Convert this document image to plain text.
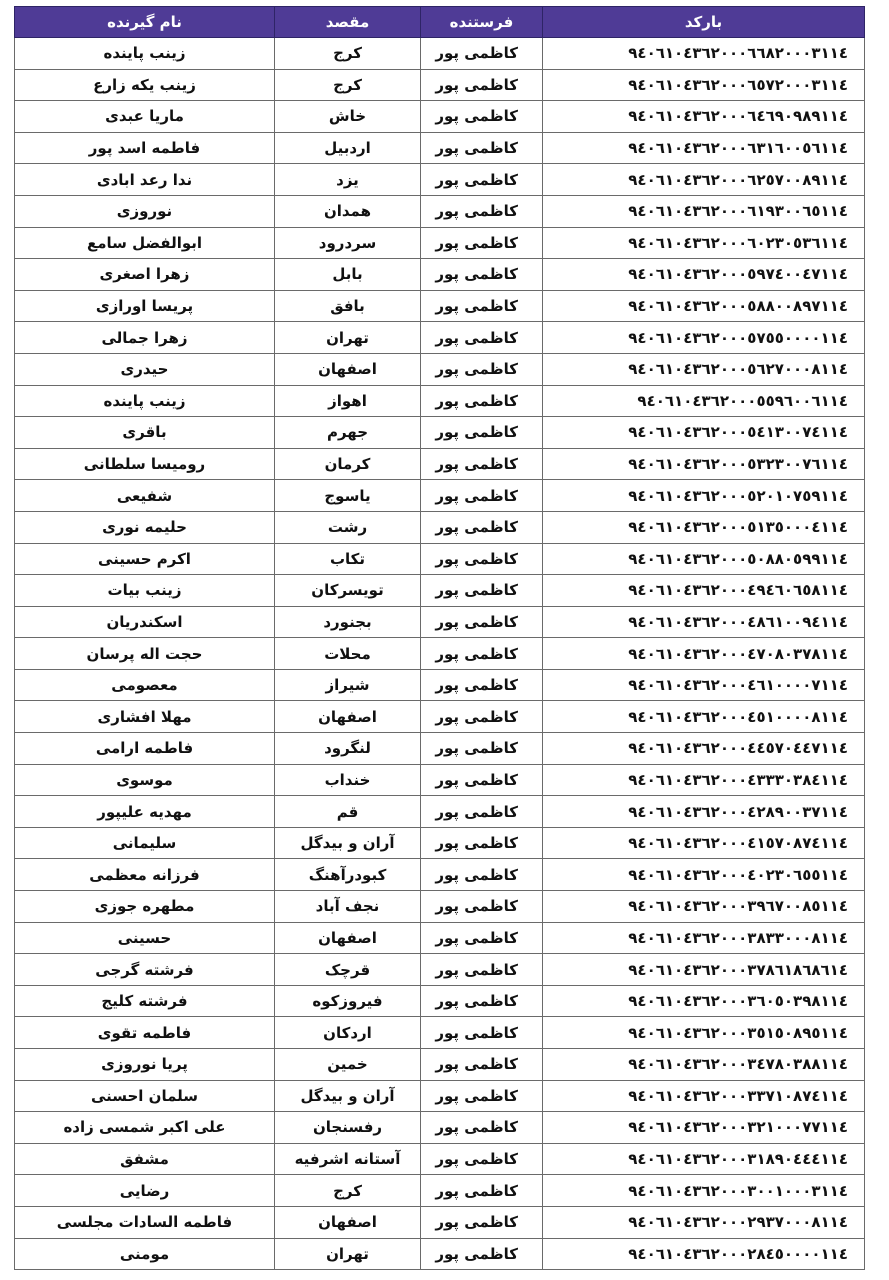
بارکد	فرستنده	مقصد	نام گیرنده
۹٤۰٦۱۰٤۳٦۲۰۰۰٦٦۸۲۰۰۰۳۱۱٤	کاظمی پور	کرج	زینب پاینده
۹٤۰٦۱۰٤۳٦۲۰۰۰٦٥۷۲۰۰۰۳۱۱٤	کاظمی پور	کرج	زینب یکه زارع
۹٤۰٦۱۰٤۳٦۲۰۰۰٦٤٦۹۰۹۸۹۱۱٤	کاظمی پور	خاش	ماریا عبدی
۹٤۰٦۱۰٤۳٦۲۰۰۰٦۳۱٦۰۰٥٦۱۱٤	کاظمی پور	اردبیل	فاطمه اسد پور
۹٤۰٦۱۰٤۳٦۲۰۰۰٦۲٥۷۰۰۸۹۱۱٤	کاظمی پور	یزد	ندا رعد ابادی
۹٤۰٦۱۰٤۳٦۲۰۰۰٦۱۹۳۰۰٦٥۱۱٤	کاظمی پور	همدان	نوروزی
۹٤۰٦۱۰٤۳٦۲۰۰۰٦۰۲۳۰٥۳٦۱۱٤	کاظمی پور	سردرود	ابوالفضل سامع
۹٤۰٦۱۰٤۳٦۲۰۰۰٥۹۷٤۰۰٤۷۱۱٤	کاظمی پور	بابل	زهرا اصغری
۹٤۰٦۱۰٤۳٦۲۰۰۰٥۸۸۰۰۸۹۷۱۱٤	کاظمی پور	بافق	پریسا اورازی
۹٤۰٦۱۰٤۳٦۲۰۰۰٥۷٥٥۰۰۰۰۱۱٤	کاظمی پور	تهران	زهرا جمالی
۹٤۰٦۱۰٤۳٦۲۰۰۰٥٦۲۷۰۰۰۸۱۱٤	کاظمی پور	اصفهان	حیدری
۹٤۰٦۱۰٤۳٦۲۰۰۰٥٥۹٦۰۰٦۱۱٤	کاظمی پور	اهواز	زینب پاینده
۹٤۰٦۱۰٤۳٦۲۰۰۰٥٤۱۳۰۰۷٤۱۱٤	کاظمی پور	جهرم	باقری
۹٤۰٦۱۰٤۳٦۲۰۰۰٥۳۲۳۰۰۷٦۱۱٤	کاظمی پور	کرمان	رومیسا سلطانی
۹٤۰٦۱۰٤۳٦۲۰۰۰٥۲۰۱۰۷٥۹۱۱٤	کاظمی پور	یاسوج	شفیعی
۹٤۰٦۱۰٤۳٦۲۰۰۰٥۱۳٥۰۰۰٤۱۱٤	کاظمی پور	رشت	حلیمه نوری
۹٤۰٦۱۰٤۳٦۲۰۰۰٥۰۸۸۰٥۹۹۱۱٤	کاظمی پور	تکاب	اکرم حسینی
۹٤۰٦۱۰٤۳٦۲۰۰۰٤۹٤٦۰٦٥۸۱۱٤	کاظمی پور	تویسرکان	زینب بیات
۹٤۰٦۱۰٤۳٦۲۰۰۰٤۸٦۱۰۰۹٤۱۱٤	کاظمی پور	بجنورد	اسکندریان
۹٤۰٦۱۰٤۳٦۲۰۰۰٤۷۰۸۰۳۷۸۱۱٤	کاظمی پور	محلات	حجت اله پرسان
۹٤۰٦۱۰٤۳٦۲۰۰۰٤٦۱۰۰۰۰۷۱۱٤	کاظمی پور	شیراز	معصومی
۹٤۰٦۱۰٤۳٦۲۰۰۰٤٥۱۰۰۰۰۸۱۱٤	کاظمی پور	اصفهان	مهلا افشاری
۹٤۰٦۱۰٤۳٦۲۰۰۰٤٤٥۷۰٤٤۷۱۱٤	کاظمی پور	لنگرود	فاطمه ارامی
۹٤۰٦۱۰٤۳٦۲۰۰۰٤۳۳۳۰۳۸٤۱۱٤	کاظمی پور	خنداب	موسوی
۹٤۰٦۱۰٤۳٦۲۰۰۰٤۲۸۹۰۰۳۷۱۱٤	کاظمی پور	قم	مهدیه علیپور
۹٤۰٦۱۰٤۳٦۲۰۰۰٤۱٥۷۰۸۷٤۱۱٤	کاظمی پور	آران و بیدگل	سلیمانی
۹٤۰٦۱۰٤۳٦۲۰۰۰٤۰۲۳۰٦٥٥۱۱٤	کاظمی پور	کبودرآهنگ	فرزانه معظمی
۹٤۰٦۱۰٤۳٦۲۰۰۰۳۹٦۷۰۰۸٥۱۱٤	کاظمی پور	نجف آباد	مطهره جوزی
۹٤۰٦۱۰٤۳٦۲۰۰۰۳۸۳۳۰۰۰۸۱۱٤	کاظمی پور	اصفهان	حسینی
۹٤۰٦۱۰٤۳٦۲۰۰۰۳۷۸٦۱۸٦۸٦۱٤	کاظمی پور	قرچک	فرشته گرجی
۹٤۰٦۱۰٤۳٦۲۰۰۰۳٦۰٥۰۳۹۸۱۱٤	کاظمی پور	فیروزکوه	فرشته کلیج
۹٤۰٦۱۰٤۳٦۲۰۰۰۳٥۱٥۰۸۹٥۱۱٤	کاظمی پور	اردکان	فاطمه تقوی
۹٤۰٦۱۰٤۳٦۲۰۰۰۳٤۷۸۰۳۸۸۱۱٤	کاظمی پور	خمین	پریا نوروزی
۹٤۰٦۱۰٤۳٦۲۰۰۰۳۳۷۱۰۸۷٤۱۱٤	کاظمی پور	آران و بیدگل	سلمان احسنی
۹٤۰٦۱۰٤۳٦۲۰۰۰۳۲۱۰۰۰۷۷۱۱٤	کاظمی پور	رفسنجان	علی اکبر شمسی زاده
۹٤۰٦۱۰٤۳٦۲۰۰۰۳۱۸۹۰٤٤٤۱۱٤	کاظمی پور	آستانه اشرفیه	مشفق
۹٤۰٦۱۰٤۳٦۲۰۰۰۳۰۰۱۰۰۰۳۱۱٤	کاظمی پور	کرج	رضایی
۹٤۰٦۱۰٤۳٦۲۰۰۰۲۹۳۷۰۰۰۸۱۱٤	کاظمی پور	اصفهان	فاطمه السادات مجلسی
۹٤۰٦۱۰٤۳٦۲۰۰۰۲۸٤٥۰۰۰۰۱۱٤	کاظمی پور	تهران	مومنی
